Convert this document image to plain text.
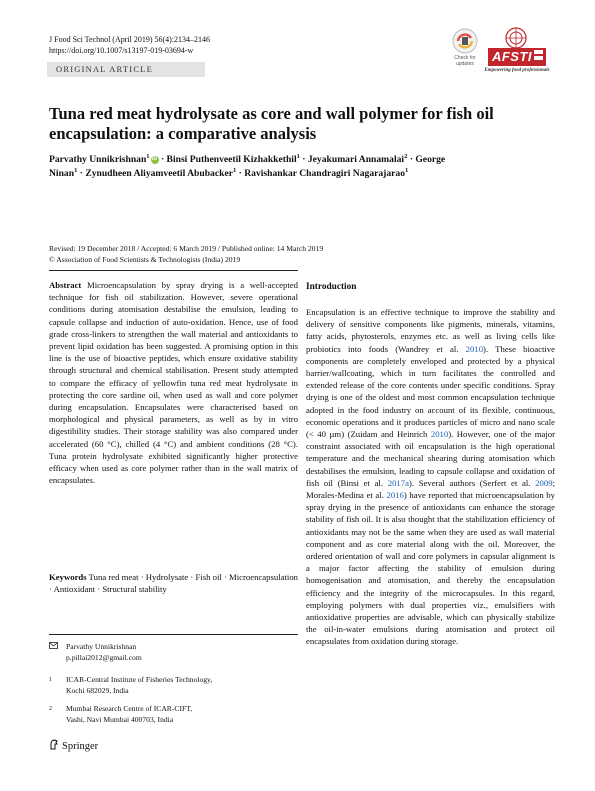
J Food Sci Technol (April 2019) 56(4):2134–2146
https://doi.org/10.1007/s13197-019-03694-w
ORIGINAL ARTICLE
Check for updates	AFSTI
Empowering food professionals
Tuna red meat hydrolysate as core and wall polymer for fish oil encapsulation: a comparative analysis
Parvathy Unnikrishnan$^1$ iD · Binsi Puthenveetil Kizhakkethil$^1$ · Jeyakumari Annamalai$^2$ · George Ninan$^1$ · Zynudheen Aliyamveetil Abubacker$^1$ · Ravishankar Chandragiri Nagarajarao$^1$
Revised: 19 December 2018 / Accepted: 6 March 2019 / Published online: 14 March 2019
© Association of Food Scientists & Technologists (India) 2019
Abstract Microencapsulation by spray drying is a well-accepted technique for fish oil stabilization. However, severe operational conditions during atomisation destabilise the emulsion, leading to capsule collapse and induction of auto-oxidation. Hence, use of food grade cross-linkers to strengthen the wall material and antioxidants to prevent lipid oxidation has been suggested. A promising option in this line is the use of bioactive peptides, which ensure oxidative stability through structural and chemical stabilisation. Present study attempted to compare the efficacy of yellowfin tuna red meat hydrolysate in protecting the core sardine oil, when used as wall and core polymer during encapsulation. Encapsulates were characterised based on morphological and physical parameters, as well as by in vitro digestibility studies. Their storage stability was also compared under accelerated (60 °C), chilled (4 °C) and ambient conditions (28 °C). Tuna protein hydrolysate exhibited significantly higher protective efficacy when used as core polymer rather than in the wall matrix of encapsulates.
Keywords Tuna red meat · Hydrolysate · Fish oil · Microencapsulation · Antioxidant · Structural stability
Parvathy Unnikrishnan
p.pillai2012@gmail.com
1	ICAR-Central Institute of Fisheries Technology,
Kochi 682029, India
2	Mumbai Research Centre of ICAR-CIFT,
Vashi, Navi Mumbai 400703, India
Introduction
Encapsulation is an effective technique to improve the stability and delivery of sensitive components like pigments, minerals, vitamins, fatty acids, phytosterols, enzymes etc. as well as living cells like probiotics into foods (Wandrey et al. 2010). These bioactive components are completely enveloped and protected by a physical barrier/wallcoating, which in turn facilitates the controlled and extended release of the core contents under specific conditions. Spray drying is one of the oldest and most common encapsulation technique adopted in the food industry on account of its flexible, continuous, economic operations and it produces particles of micro and nano scale (< 40 µm) (Zuidam and Heinrich 2010). However, one of the major constraint associated with oil encapsulation is the high operational temperature and the mechanical shearing during atomisation which destabilises the emulsion, leading to capsule collapse and oxidation of fish oil (Binsi et al. 2017a). Several authors (Serfert et al. 2009; Morales-Medina et al. 2016) have reported that microencapsulation by spray drying in the presence of antioxidants can enhance the storage stability of fish oil. It is also thought that the stabilization efficiency of antioxidants may not be the same when they are used as wall material component and as core material along with the oil. Moreover, the ordered orientation of wall and core polymers in capsular alignment is a major factor affecting the stability of emulsion during homogenisation and atomisation, and thereby the encapsulation efficiency and the integrity of the microcapsules. In this regard, employing polymers with dual properties viz., emulsifiers with antioxidative properties are advisable, which can physically stabilize the oil-in-water emulsions during atomisation and protect oil encapsulates from oxidation during storage.
Springer
